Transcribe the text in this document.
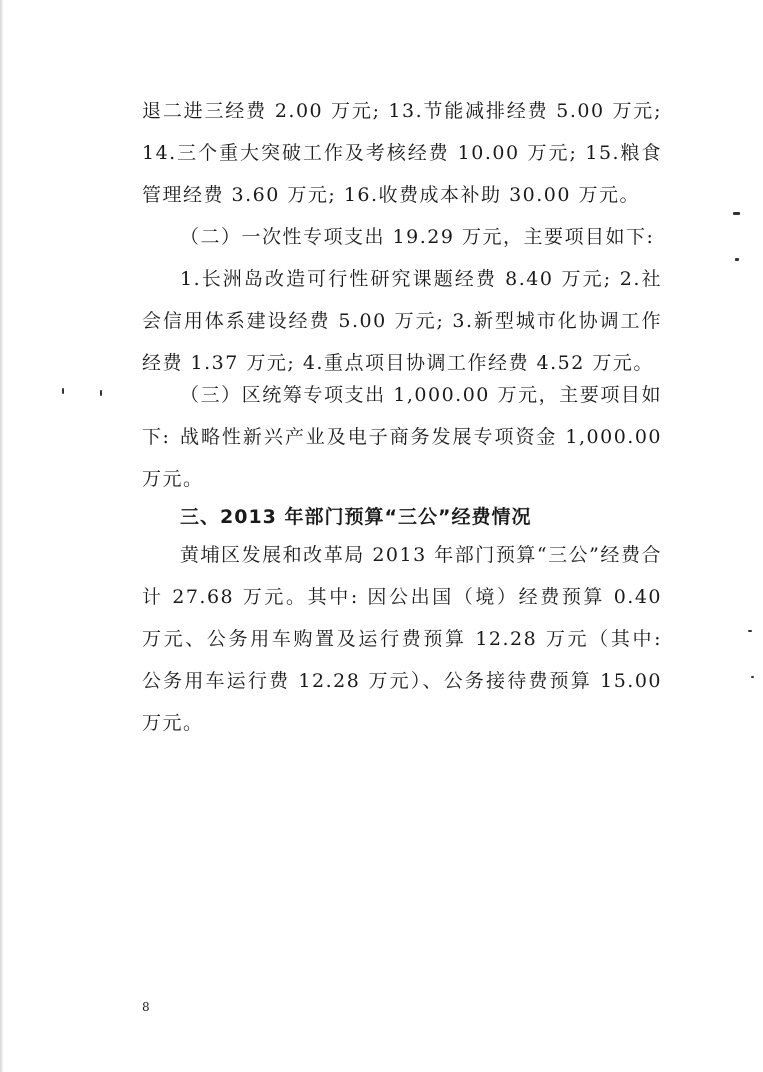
退二进三经费 2.00 万元; 13.节能减排经费 5.00 万元; 14.三个重大突破工作及考核经费 10.00 万元; 15.粮食管理经费 3.60 万元; 16.收费成本补助 30.00 万元。

（二）一次性专项支出 19.29 万元，主要项目如下:

1.长洲岛改造可行性研究课题经费 8.40 万元; 2.社会信用体系建设经费 5.00 万元; 3.新型城市化协调工作经费 1.37 万元; 4.重点项目协调工作经费 4.52 万元。

（三）区统筹专项支出 1,000.00 万元，主要项目如下: 战略性新兴产业及电子商务发展专项资金 1,000.00 万元。

三、2013 年部门预算“三公”经费情况

黄埔区发展和改革局 2013 年部门预算“三公”经费合计 27.68 万元。其中: 因公出国（境）经费预算 0.40 万元、公务用车购置及运行费预算 12.28 万元（其中: 公务用车运行费 12.28 万元）、公务接待费预算 15.00 万元。

8
